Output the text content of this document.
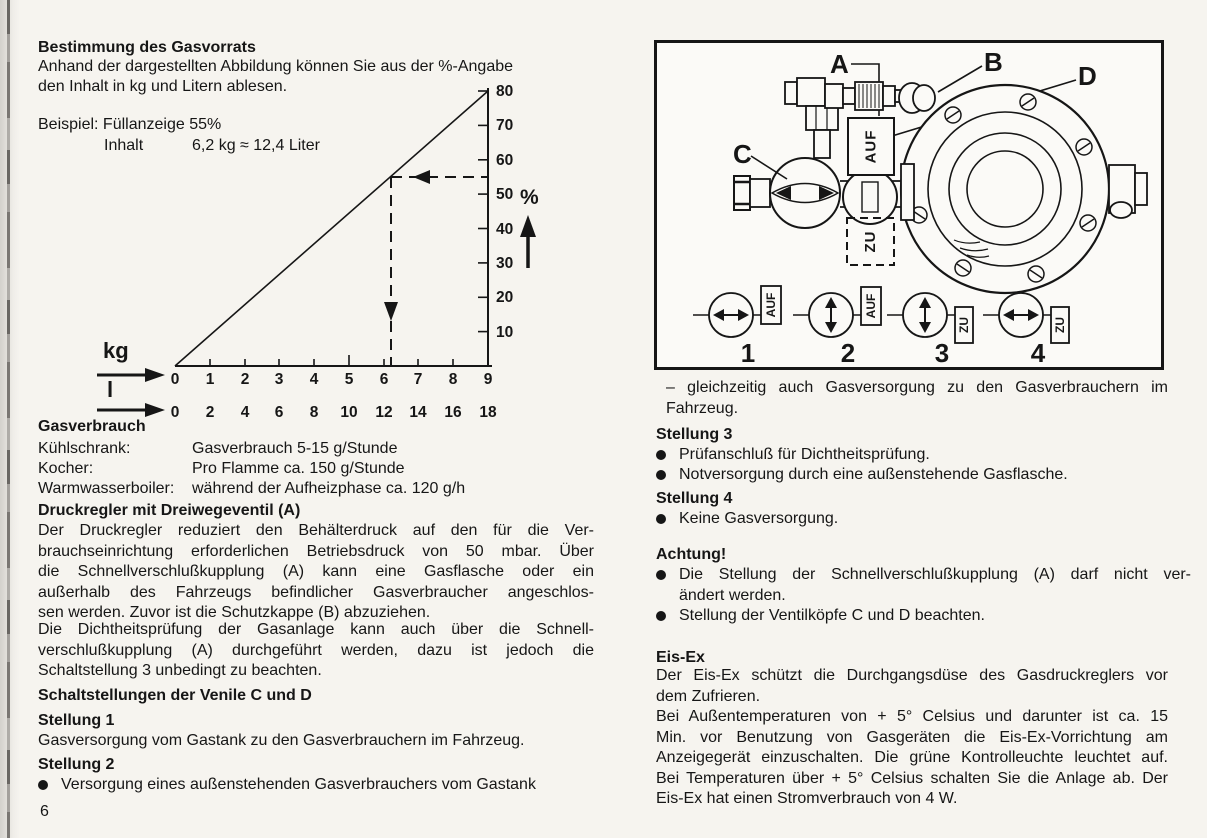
Bestimmung des Gasvorrats
Anhand der dargestellten Abbildung können Sie aus der %-Angabe
den Inhalt in kg und Litern ablesen.
Beispiel: Füllanzeige 55%
Inhalt	6,2 kg ≈ 12,4 Liter
80
70
60
50
40
30
20
10
%
kg
0 1 2 3 4 5 6 7 8 9
l
0 2 4 6 8 10 12 14 16 18
Gasverbrauch
Kühlschrank:	Gasverbrauch 5-15 g/Stunde
Kocher:	Pro Flamme ca. 150 g/Stunde
Warmwasserboiler: während der Aufheizphase ca. 120 g/h
Druckregler mit Dreiwegeventil (A)
Der Druckregler reduziert den Behälterdruck auf den für die Ver-
brauchseinrichtung erforderlichen Betriebsdruck von 50 mbar. Über
die Schnellverschlußkupplung (A) kann eine Gasflasche oder ein
außerhalb des Fahrzeugs befindlicher Gasverbraucher angeschlos-
sen werden. Zuvor ist die Schutzkappe (B) abzuziehen.
Die Dichtheitsprüfung der Gasanlage kann auch über die Schnell-
verschlußkupplung (A) durchgeführt werden, dazu ist jedoch die
Schaltstellung 3 unbedingt zu beachten.
Schaltstellungen der Venile C und D
Stellung 1
Gasversorgung vom Gastank zu den Gasverbrauchern im Fahrzeug.
Stellung 2
Versorgung eines außenstehenden Gasverbrauchers vom Gastank
6
A	B	D
AUF
ZU
C
AUF
1
AUF
2
ZU
3
ZU
4
– gleichzeitig auch Gasversorgung zu den Gasverbrauchern im
Fahrzeug.
Stellung 3
Prüfanschluß für Dichtheitsprüfung.
Notversorgung durch eine außenstehende Gasflasche.
Stellung 4
Keine Gasversorgung.
Achtung!
Die Stellung der Schnellverschlußkupplung (A) darf nicht ver-
ändert werden.
Stellung der Ventilköpfe C und D beachten.
Eis-Ex
Der Eis-Ex schützt die Durchgangsdüse des Gasdruckreglers vor
dem Zufrieren.
Bei Außentemperaturen von + 5° Celsius und darunter ist ca. 15
Min. vor Benutzung von Gasgeräten die Eis-Ex-Vorrichtung am
Anzeigegerät einzuschalten. Die grüne Kontrolleuchte leuchtet auf.
Bei Temperaturen über + 5° Celsius schalten Sie die Anlage ab. Der
Eis-Ex hat einen Stromverbrauch von 4 W.
